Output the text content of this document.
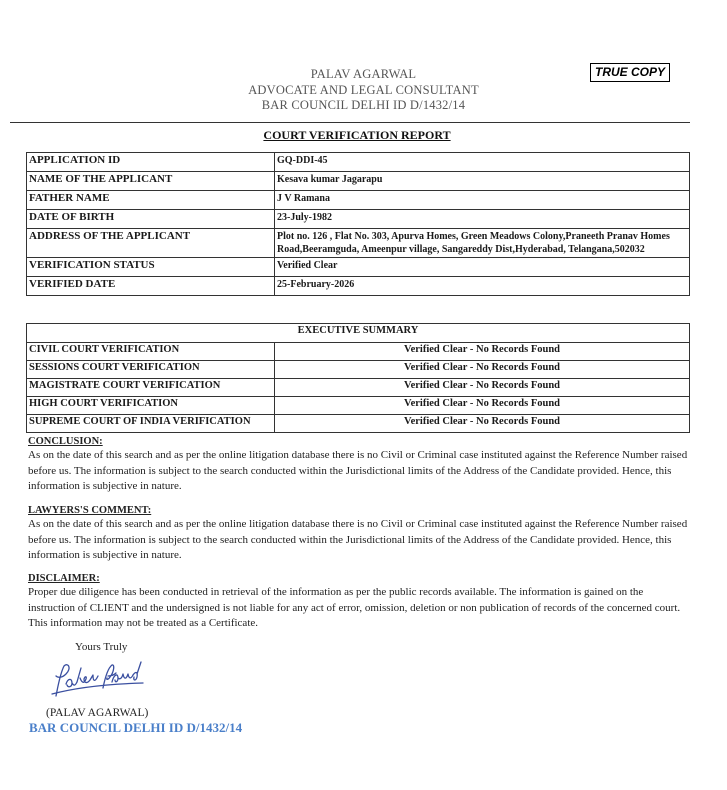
TRUE COPY
PALAV AGARWAL
ADVOCATE AND LEGAL CONSULTANT
BAR COUNCIL DELHI ID D/1432/14
COURT VERIFICATION REPORT
APPLICATION ID	GQ-DDI-45
NAME OF THE APPLICANT	Kesava kumar Jagarapu
FATHER NAME	J V Ramana
DATE OF BIRTH	23-July-1982
ADDRESS OF THE APPLICANT	Plot no. 126 , Flat No. 303, Apurva Homes, Green Meadows Colony,Praneeth Pranav Homes Road,Beeramguda, Ameenpur village, Sangareddy Dist,Hyderabad, Telangana,502032
VERIFICATION STATUS	Verified Clear
VERIFIED DATE	25-February-2026
EXECUTIVE SUMMARY	
CIVIL COURT VERIFICATION	Verified Clear - No Records Found
SESSIONS COURT VERIFICATION	Verified Clear - No Records Found
MAGISTRATE COURT VERIFICATION	Verified Clear - No Records Found
HIGH COURT VERIFICATION	Verified Clear - No Records Found
SUPREME COURT OF INDIA VERIFICATION	Verified Clear - No Records Found
CONCLUSION:
As on the date of this search and as per the online litigation database there is no Civil or Criminal case instituted against the Reference Number raised before us. The information is subject to the search conducted within the Jurisdictional limits of the Address of the Candidate provided. Hence, this information is subjective in nature.
LAWYERS'S COMMENT:
As on the date of this search and as per the online litigation database there is no Civil or Criminal case instituted against the Reference Number raised before us. The information is subject to the search conducted within the Jurisdictional limits of the Address of the Candidate provided. Hence, this information is subjective in nature.
DISCLAIMER:
Proper due diligence has been conducted in retrieval of the information as per the public records available. The information is gained on the instruction of CLIENT and the undersigned is not liable for any act of error, omission, deletion or non publication of records of the concerned court. This information may not be treated as a Certificate.
Yours Truly
(PALAV AGARWAL)
BAR COUNCIL DELHI ID D/1432/14
